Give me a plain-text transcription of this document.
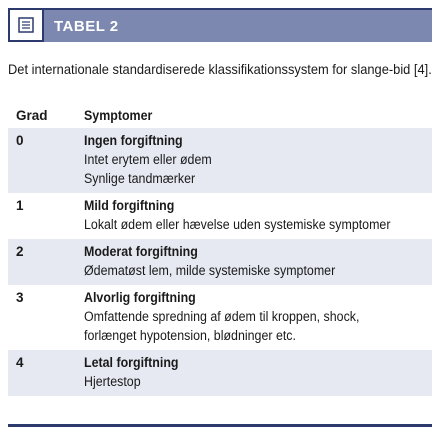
TABEL 2
Det internationale standardiserede klassifikationssystem for slange-bid [4].
Grad	Symptomer
0	Ingen forgiftning
Intet erytem eller ødem
Synlige tandmærker
1	Mild forgiftning
Lokalt ødem eller hævelse uden systemiske symptomer
2	Moderat forgiftning
Ødematøst lem, milde systemiske symptomer
3	Alvorlig forgiftning
Omfattende spredning af ødem til kroppen, shock,
forlænget hypotension, blødninger etc.
4	Letal forgiftning
Hjertestop
